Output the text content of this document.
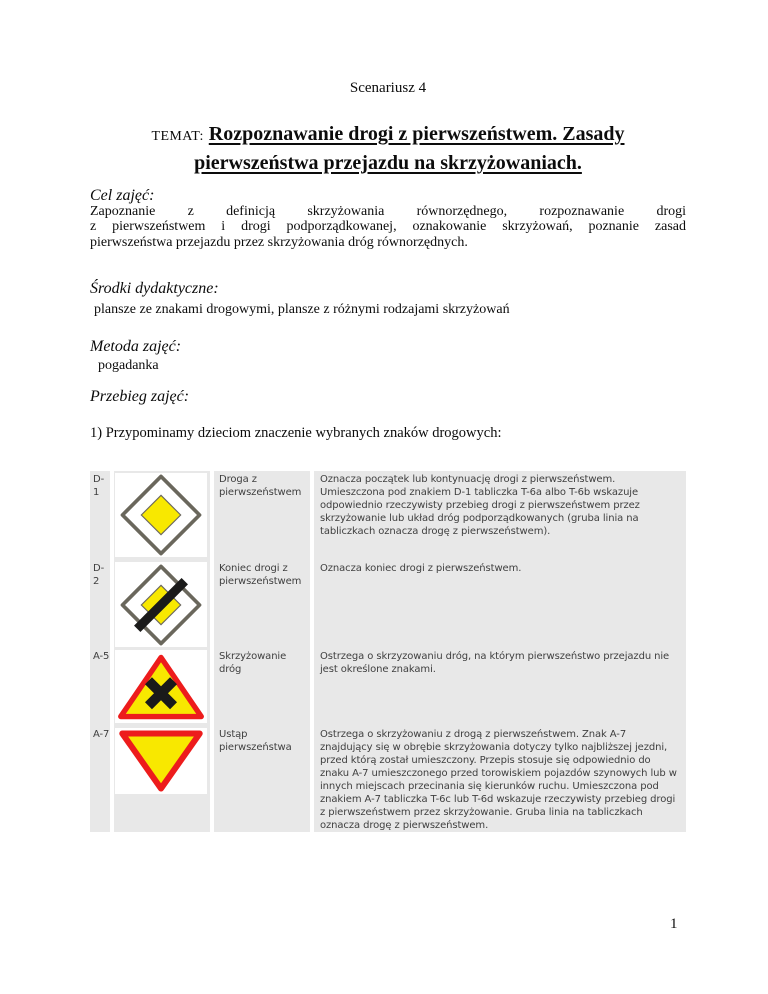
Scenariusz 4
TEMAT: Rozpoznawanie drogi z pierwszeństwem. Zasady
pierwszeństwa przejazdu na skrzyżowaniach.
Cel zajęć:
Zapoznanie z definicją skrzyżowania równorzędnego, rozpoznawanie drogi
z pierwszeństwem i drogi podporządkowanej, oznakowanie skrzyżowań, poznanie zasad
pierwszeństwa przejazdu przez skrzyżowania dróg równorzędnych.
Środki dydaktyczne:
plansze ze znakami drogowymi, plansze z różnymi rodzajami skrzyżowań
Metoda zajęć:
pogadanka
Przebieg zajęć:
1) Przypominamy dzieciom znaczenie wybranych znaków drogowych:
D-1
Droga z pierwszeństwem
Oznacza początek lub kontynuację drogi z pierwszeństwem. Umieszczona pod znakiem D-1 tabliczka T-6a albo T-6b wskazuje odpowiednio rzeczywisty przebieg drogi z pierwszeństwem przez skrzyżowanie lub układ dróg podporządkowanych (gruba linia na tabliczkach oznacza drogę z pierwszeństwem).
D-2
Koniec drogi z pierwszeństwem
Oznacza koniec drogi z pierwszeństwem.
A-5	Skrzyżowanie dróg
Ostrzega o skrzyzowaniu dróg, na którym pierwszeństwo przejazdu nie jest określone znakami.
A-7	Ustąp pierwszeństwa
Ostrzega o skrzyżowaniu z drogą z pierwszeństwem. Znak A-7 znajdujący się w obrębie skrzyżowania dotyczy tylko najbliższej jezdni, przed którą został umieszczony. Przepis stosuje się odpowiednio do znaku A-7 umieszczonego przed torowiskiem pojazdów szynowych lub w innych miejscach przecinania się kierunków ruchu. Umieszczona pod znakiem A-7 tabliczka T-6c lub T-6d wskazuje rzeczywisty przebieg drogi z pierwszeństwem przez skrzyżowanie. Gruba linia na tabliczkach oznacza drogę z pierwszeństwem.
1
